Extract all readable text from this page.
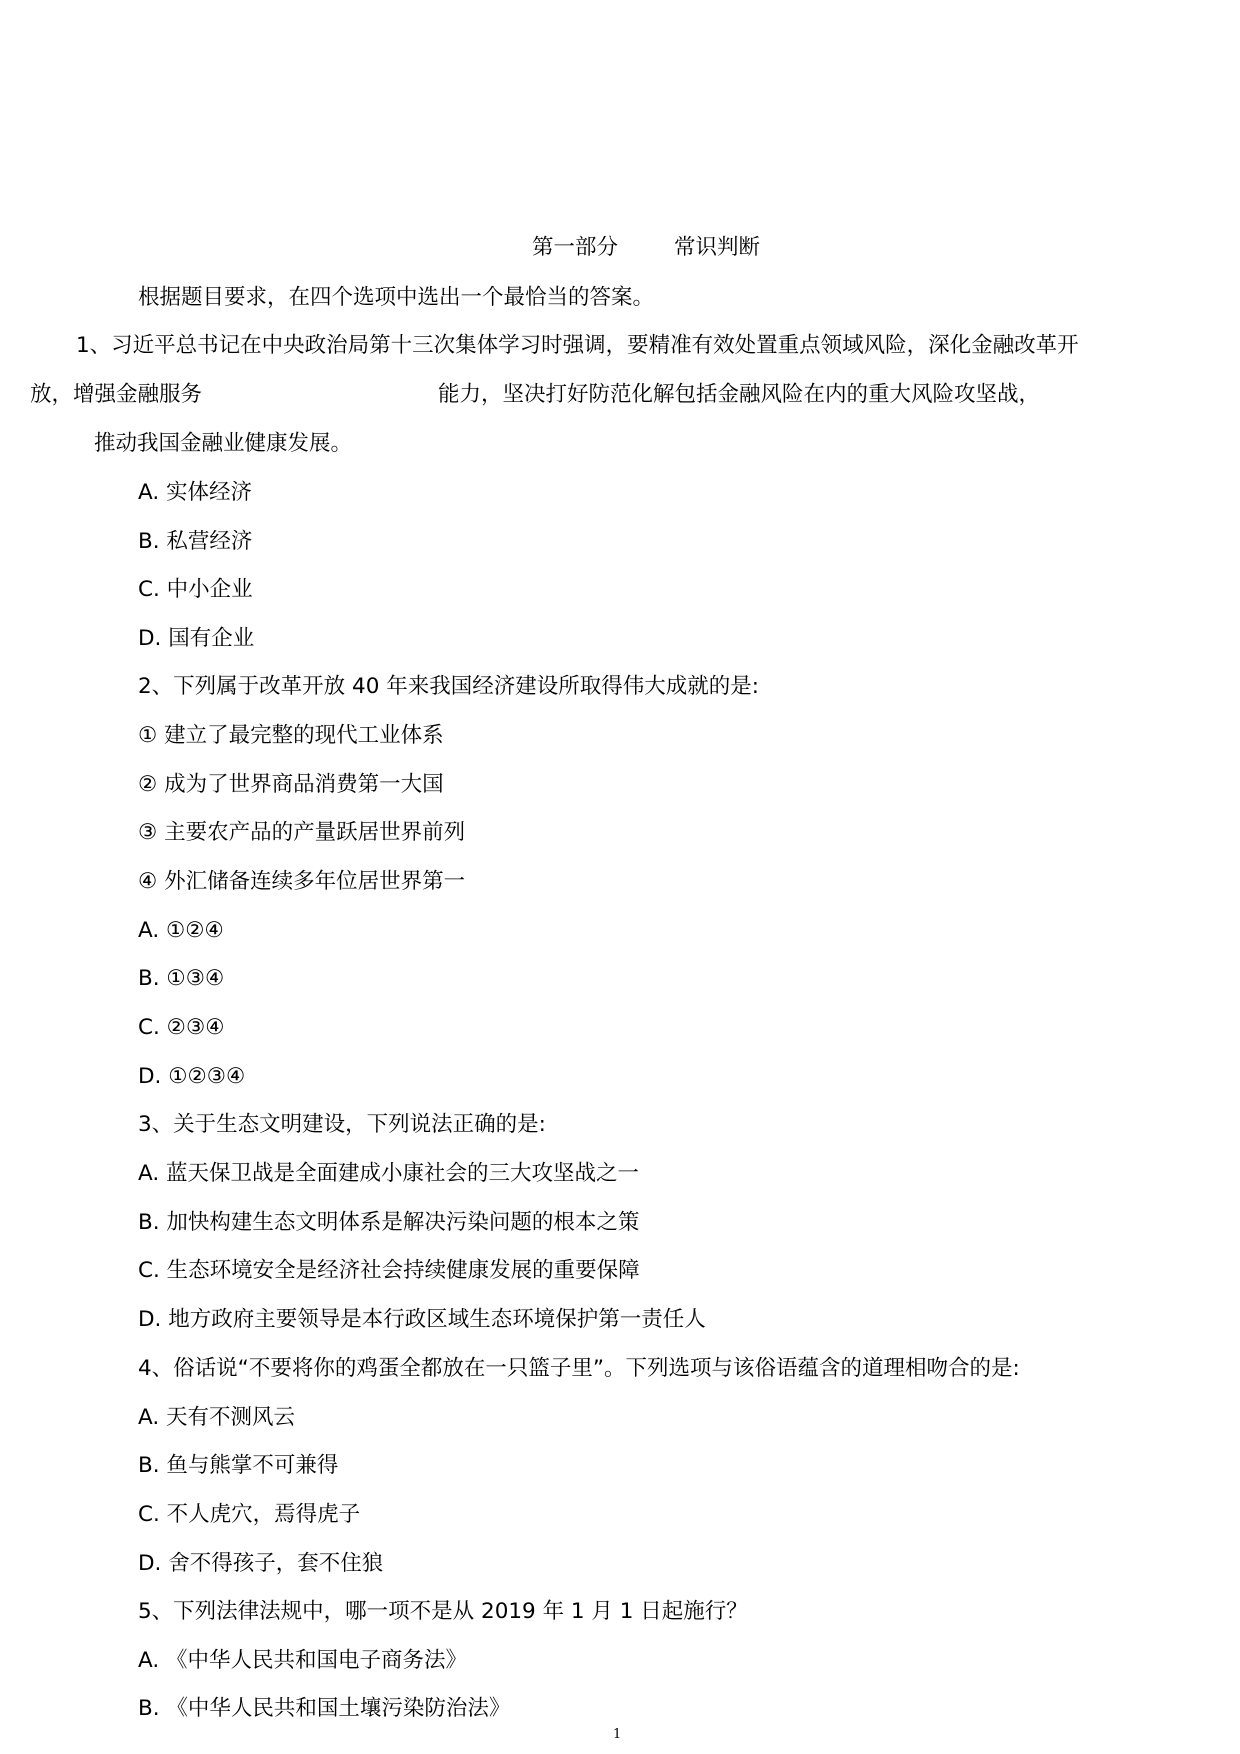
第一部分	常识判断
根据题目要求，在四个选项中选出一个最恰当的答案。
1、习近平总书记在中央政治局第十三次集体学习时强调，要精准有效处置重点领域风险，深化金融改革开
放，增强金融服务	能力，坚决打好防范化解包括金融风险在内的重大风险攻坚战，
推动我国金融业健康发展。
A. 实体经济
B. 私营经济
C. 中小企业
D. 国有企业
2、下列属于改革开放 40 年来我国经济建设所取得伟大成就的是:
① 建立了最完整的现代工业体系
② 成为了世界商品消费第一大国
③ 主要农产品的产量跃居世界前列
④ 外汇储备连续多年位居世界第一
A. ①②④
B. ①③④
C. ②③④
D. ①②③④
3、关于生态文明建设，下列说法正确的是:
A. 蓝天保卫战是全面建成小康社会的三大攻坚战之一
B. 加快构建生态文明体系是解决污染问题的根本之策
C. 生态环境安全是经济社会持续健康发展的重要保障
D. 地方政府主要领导是本行政区域生态环境保护第一责任人
4、俗话说“不要将你的鸡蛋全都放在一只篮子里”。下列选项与该俗语蕴含的道理相吻合的是:
A. 天有不测风云
B. 鱼与熊掌不可兼得
C. 不人虎穴，焉得虎子
D. 舍不得孩子，套不住狼
5、下列法律法规中，哪一项不是从 2019 年 1 月 1 日起施行？
A. 《中华人民共和国电子商务法》
B. 《中华人民共和国土壤污染防治法》
1
